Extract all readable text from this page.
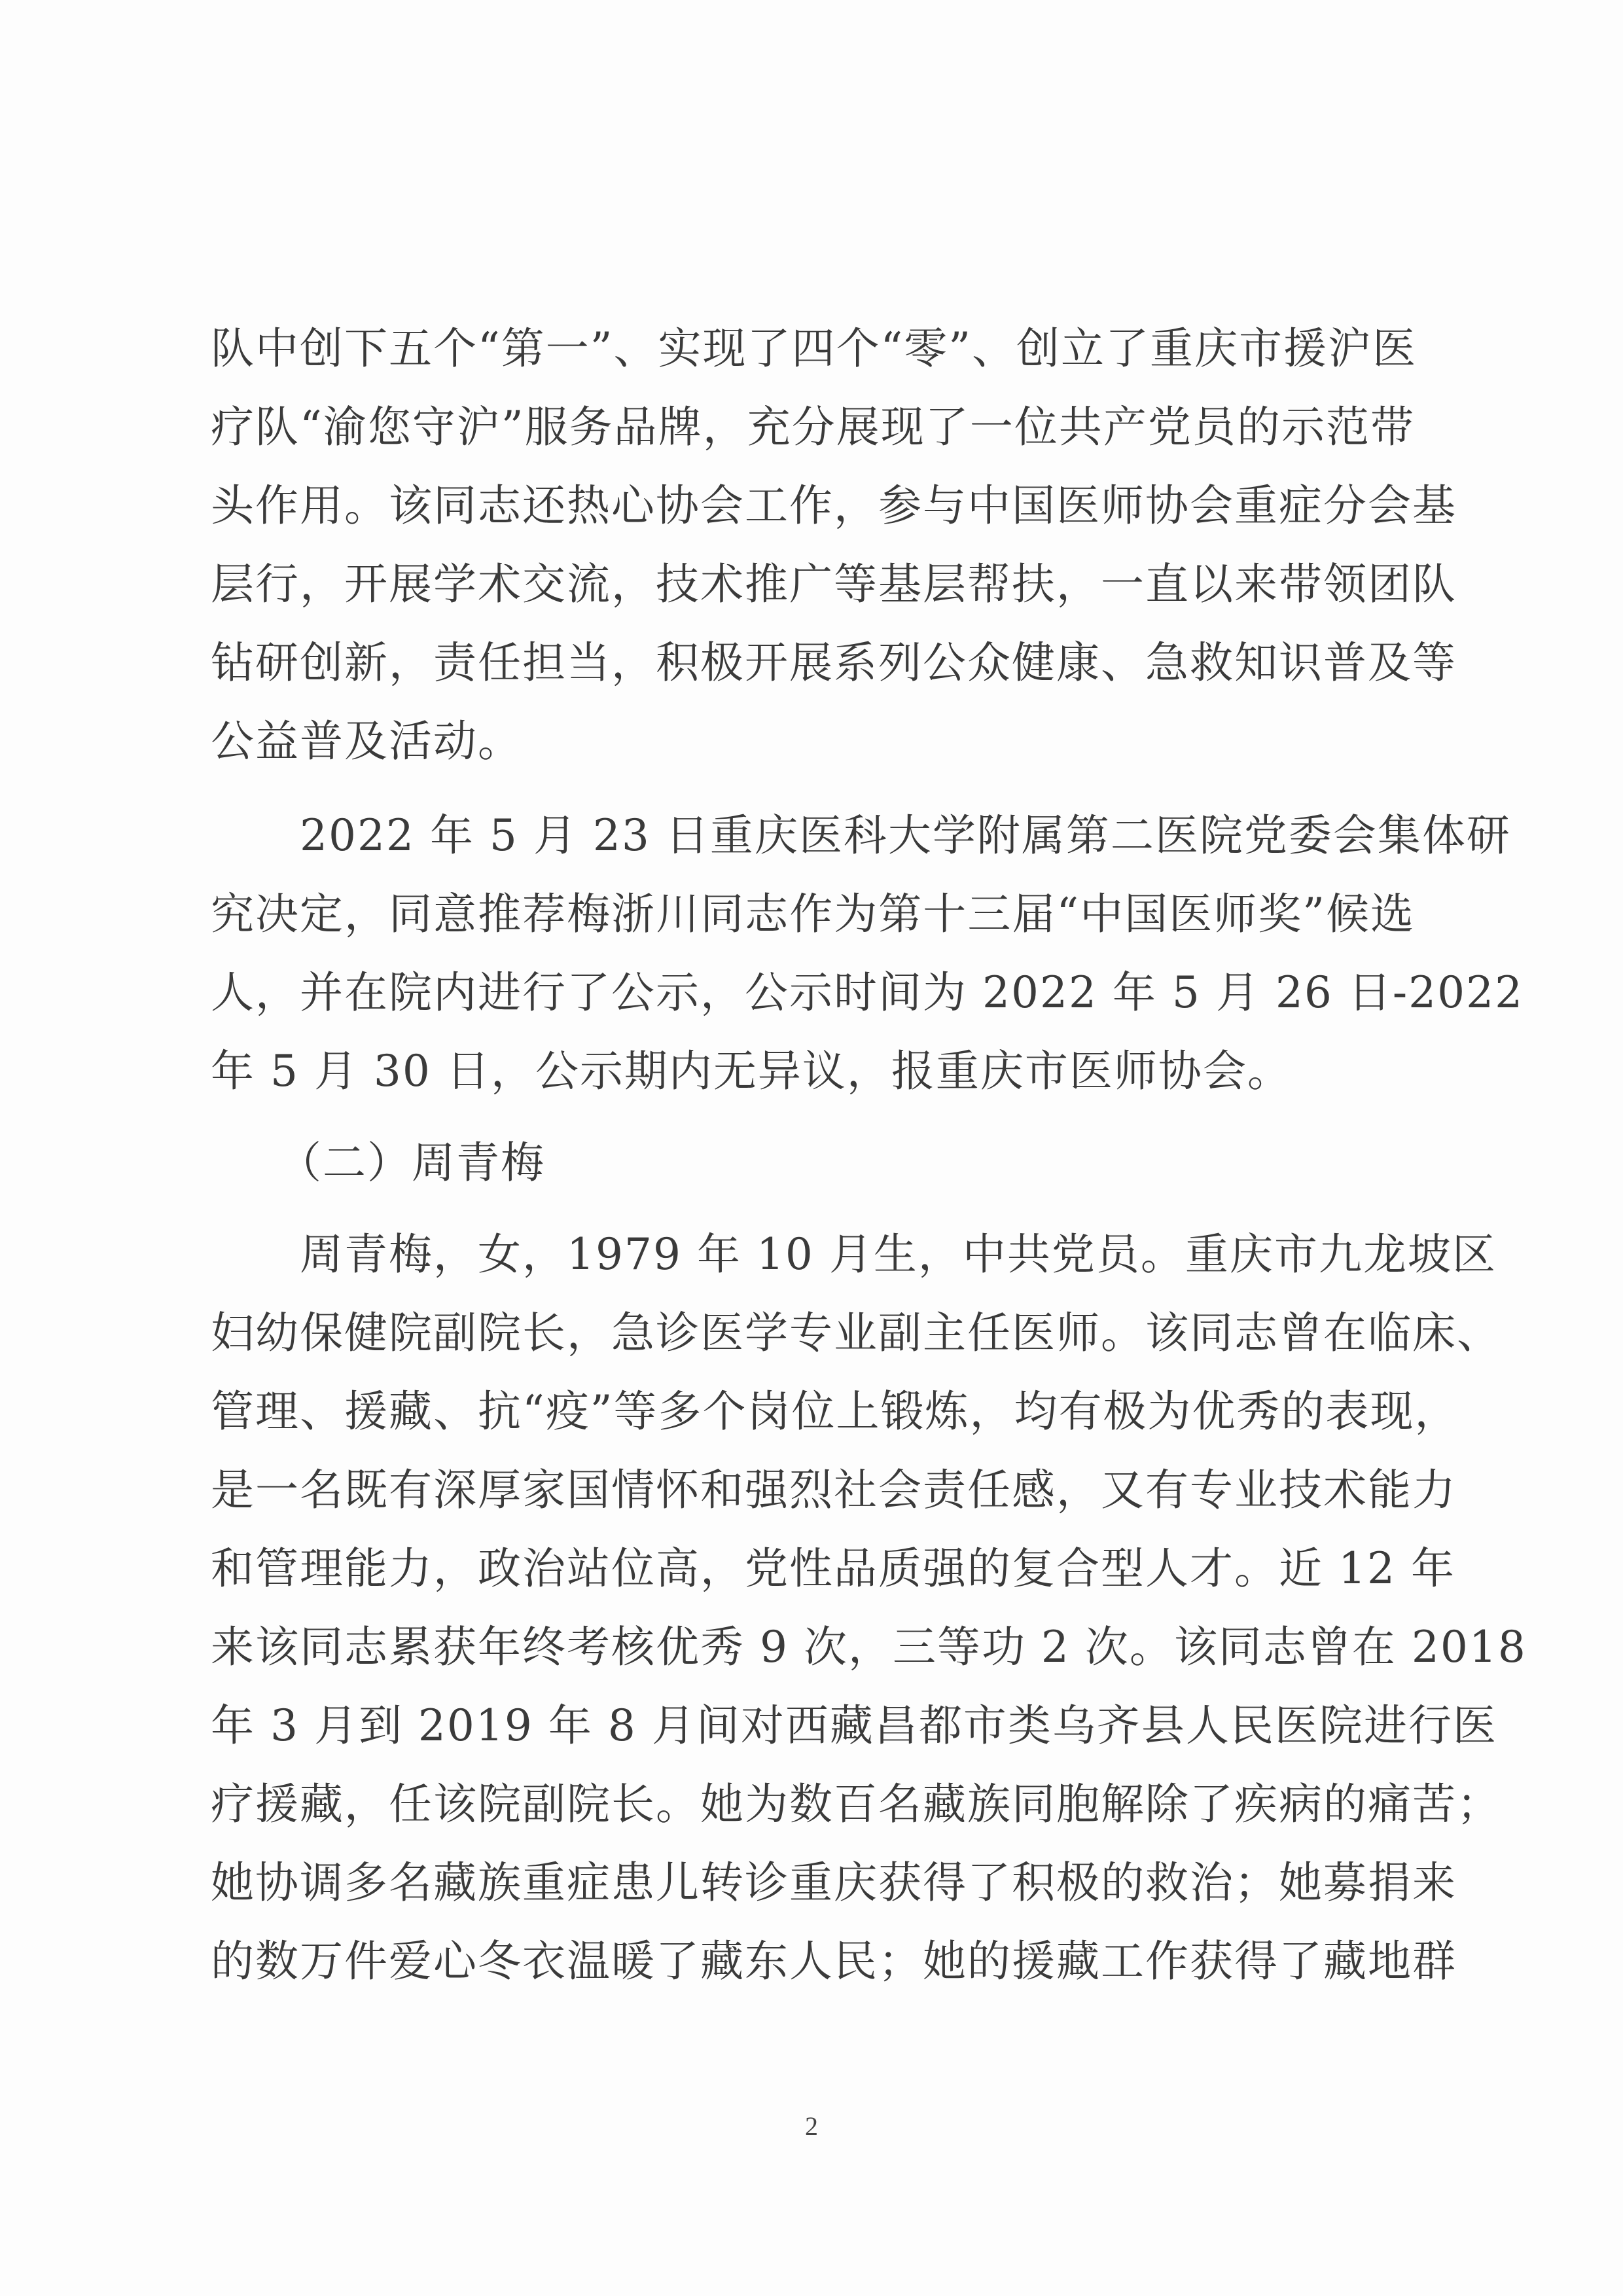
队中创下五个“第一”、实现了四个“零”、创立了重庆市援沪医
疗队“渝您守沪”服务品牌，充分展现了一位共产党员的示范带
头作用。该同志还热心协会工作，参与中国医师协会重症分会基
层行，开展学术交流，技术推广等基层帮扶，一直以来带领团队
钻研创新，责任担当，积极开展系列公众健康、急救知识普及等
公益普及活动。
　　2022 年 5 月 23 日重庆医科大学附属第二医院党委会集体研
究决定，同意推荐梅浙川同志作为第十三届“中国医师奖”候选
人，并在院内进行了公示，公示时间为 2022 年 5 月 26 日-2022
年 5 月 30 日，公示期内无异议，报重庆市医师协会。
　　（二）周青梅
　　周青梅，女，1979 年 10 月生，中共党员。重庆市九龙坡区
妇幼保健院副院长，急诊医学专业副主任医师。该同志曾在临床、
管理、援藏、抗“疫”等多个岗位上锻炼，均有极为优秀的表现，
是一名既有深厚家国情怀和强烈社会责任感，又有专业技术能力
和管理能力，政治站位高，党性品质强的复合型人才。近 12 年
来该同志累获年终考核优秀 9 次，三等功 2 次。该同志曾在 2018
年 3 月到 2019 年 8 月间对西藏昌都市类乌齐县人民医院进行医
疗援藏，任该院副院长。她为数百名藏族同胞解除了疾病的痛苦；
她协调多名藏族重症患儿转诊重庆获得了积极的救治；她募捐来
的数万件爱心冬衣温暖了藏东人民；她的援藏工作获得了藏地群
2
